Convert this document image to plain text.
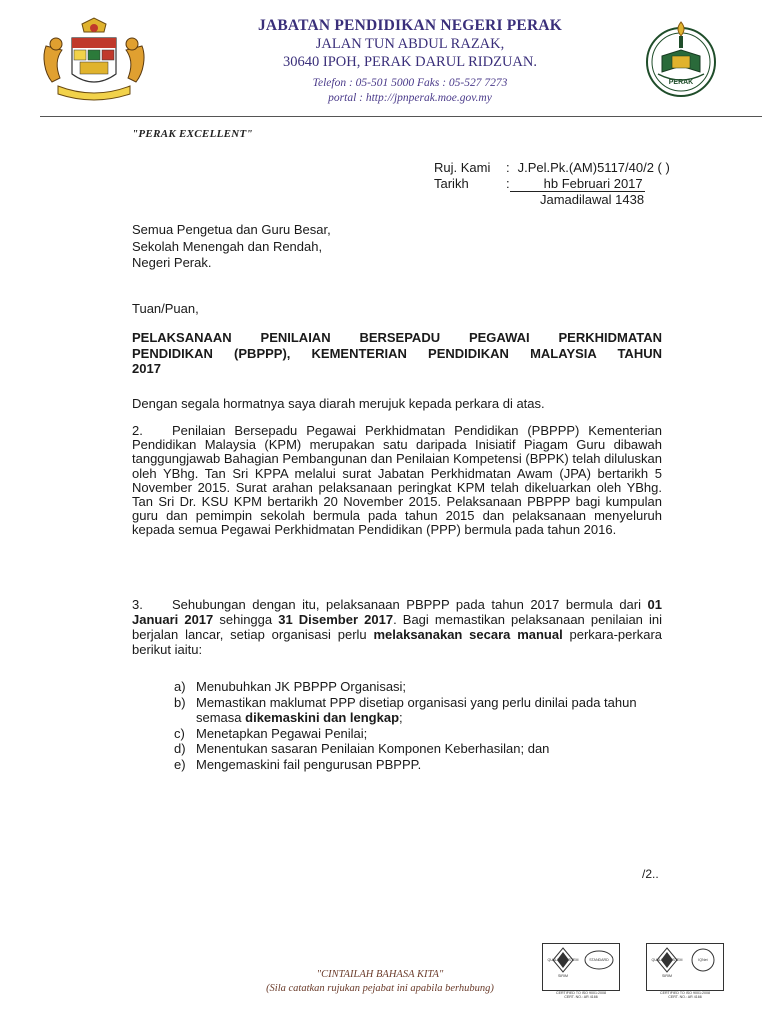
PERAK
JABATAN PENDIDIKAN NEGERI PERAK
JALAN TUN ABDUL RAZAK,
30640 IPOH, PERAK DARUL RIDZUAN.
Telefon : 05-501 5000 Faks : 05-527 7273
portal : http://jpnperak.moe.gov.my
"PERAK EXCELLENT"
Ruj. Kami : J.Pel.Pk.(AM)5117/40/2 ( )
Tarikh	:	hb Februari 2017
Jamadilawal 1438
Semua Pengetua dan Guru Besar,
Sekolah Menengah dan Rendah,
Negeri Perak.
Tuan/Puan,
PELAKSANAAN PENILAIAN BERSEPADU PEGAWAI PERKHIDMATAN
PENDIDIKAN (PBPPP), KEMENTERIAN PENDIDIKAN MALAYSIA TAHUN
2017
Dengan segala hormatnya saya diarah merujuk kepada perkara di atas.
2. Penilaian Bersepadu Pegawai Perkhidmatan Pendidikan (PBPPP) Kementerian Pendidikan Malaysia (KPM) merupakan satu daripada Inisiatif Piagam Guru dibawah tanggungjawab Bahagian Pembangunan dan Penilaian Kompetensi (BPPK) telah diluluskan oleh YBhg. Tan Sri KPPA melalui surat Jabatan Perkhidmatan Awam (JPA) bertarikh 5 November 2015. Surat arahan pelaksanaan peringkat KPM telah dikeluarkan oleh YBhg. Tan Sri Dr. KSU KPM bertarikh 20 November 2015. Pelaksanaan PBPPP bagi kumpulan guru dan pemimpin sekolah bermula pada tahun 2015 dan pelaksanaan menyeluruh kepada semua Pegawai Perkhidmatan Pendidikan (PPP) bermula pada tahun 2016.
3. Sehubungan dengan itu, pelaksanaan PBPPP pada tahun 2017 bermula dari 01 Januari 2017 sehingga 31 Disember 2017. Bagi memastikan pelaksanaan penilaian ini berjalan lancar, setiap organisasi perlu melaksanakan secara manual perkara-perkara berikut iaitu:
a) Menubuhkan JK PBPPP Organisasi;
b) Memastikan maklumat PPP disetiap organisasi yang perlu dinilai pada tahun semasa dikemaskini dan lengkap;
c) Menetapkan Pegawai Penilai;
d) Menentukan sasaran Penilaian Komponen Keberhasilan; dan
e) Mengemaskini fail pengurusan PBPPP.
/2..
"CINTAILAH BAHASA KITA"
(Sila catatkan rujukan pejabat ini apabila berhubung)
QUALITY SYSTEM	STANDARD
SIRIM
CERTIFIED TO ISO 9001:2008
CERT. NO.: AR 4166
QUALITY SYSTEM	IQNet
SIRIM
CERTIFIED TO ISO 9001:2008
CERT. NO.: AR 4166
